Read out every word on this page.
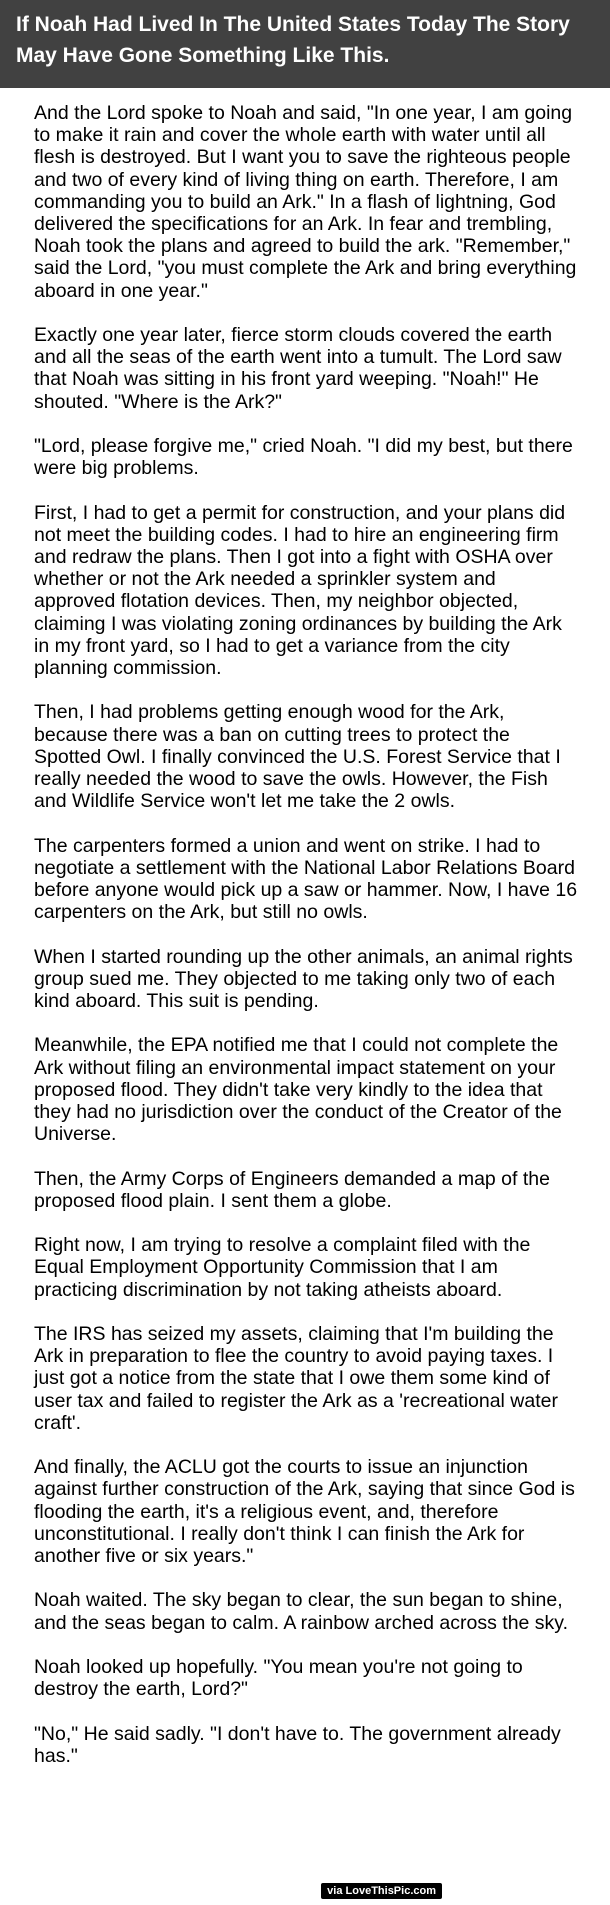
If Noah Had Lived In The United States Today The Story May Have Gone Something Like This.

And the Lord spoke to Noah and said, "In one year, I am going to make it rain and cover the whole earth with water until all flesh is destroyed. But I want you to save the righteous people and two of every kind of living thing on earth. Therefore, I am commanding you to build an Ark." In a flash of lightning, God delivered the specifications for an Ark. In fear and trembling, Noah took the plans and agreed to build the ark. "Remember," said the Lord, "you must complete the Ark and bring everything aboard in one year."

Exactly one year later, fierce storm clouds covered the earth and all the seas of the earth went into a tumult. The Lord saw that Noah was sitting in his front yard weeping. "Noah!" He shouted. "Where is the Ark?"

"Lord, please forgive me," cried Noah. "I did my best, but there were big problems.

First, I had to get a permit for construction, and your plans did not meet the building codes. I had to hire an engineering firm and redraw the plans. Then I got into a fight with OSHA over whether or not the Ark needed a sprinkler system and approved flotation devices. Then, my neighbor objected, claiming I was violating zoning ordinances by building the Ark in my front yard, so I had to get a variance from the city planning commission.

Then, I had problems getting enough wood for the Ark, because there was a ban on cutting trees to protect the Spotted Owl. I finally convinced the U.S. Forest Service that I really needed the wood to save the owls. However, the Fish and Wildlife Service won't let me take the 2 owls.

The carpenters formed a union and went on strike. I had to negotiate a settlement with the National Labor Relations Board before anyone would pick up a saw or hammer. Now, I have 16 carpenters on the Ark, but still no owls.

When I started rounding up the other animals, an animal rights group sued me. They objected to me taking only two of each kind aboard. This suit is pending.

Meanwhile, the EPA notified me that I could not complete the Ark without filing an environmental impact statement on your proposed flood. They didn't take very kindly to the idea that they had no jurisdiction over the conduct of the Creator of the Universe.

Then, the Army Corps of Engineers demanded a map of the proposed flood plain. I sent them a globe.

Right now, I am trying to resolve a complaint filed with the Equal Employment Opportunity Commission that I am practicing discrimination by not taking atheists aboard.

The IRS has seized my assets, claiming that I'm building the Ark in preparation to flee the country to avoid paying taxes. I just got a notice from the state that I owe them some kind of user tax and failed to register the Ark as a 'recreational water craft'.

And finally, the ACLU got the courts to issue an injunction against further construction of the Ark, saying that since God is flooding the earth, it's a religious event, and, therefore unconstitutional. I really don't think I can finish the Ark for another five or six years."

Noah waited. The sky began to clear, the sun began to shine, and the seas began to calm. A rainbow arched across the sky.

Noah looked up hopefully. "You mean you're not going to destroy the earth, Lord?"

"No," He said sadly. "I don't have to. The government already has."

via LoveThisPic.com
